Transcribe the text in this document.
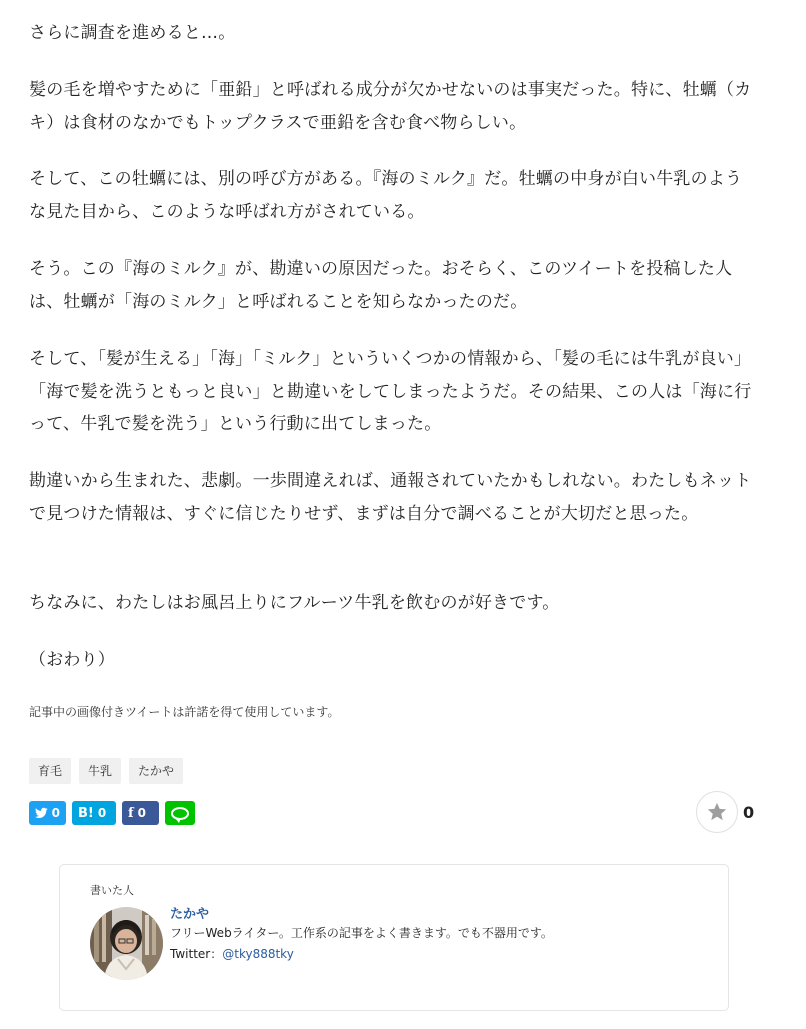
さらに調査を進めると…。

髪の毛を増やすために「亜鉛」と呼ばれる成分が欠かせないのは事実だった。特に、牡蠣（カキ）は食材のなかでもトップクラスで亜鉛を含む食べ物らしい。

そして、この牡蠣には、別の呼び方がある。『海のミルク』だ。牡蠣の中身が白い牛乳のような見た目から、このような呼ばれ方がされている。

そう。この『海のミルク』が、勘違いの原因だった。おそらく、このツイートを投稿した人は、牡蠣が「海のミルク」と呼ばれることを知らなかったのだ。

そして、「髪が生える」「海」「ミルク」といういくつかの情報から、「髪の毛には牛乳が良い」「海で髪を洗うともっと良い」と勘違いをしてしまったようだ。その結果、この人は「海に行って、牛乳で髪を洗う」という行動に出てしまった。

勘違いから生まれた、悲劇。一歩間違えれば、通報されていたかもしれない。わたしもネットで見つけた情報は、すぐに信じたりせず、まずは自分で調べることが大切だと思った。

ちなみに、わたしはお風呂上りにフルーツ牛乳を飲むのが好きです。

（おわり）

記事中の画像付きツイートは許諾を得て使用しています。

育毛	牛乳	たかや
0 B! 0 f 0	0
書いた人
たかや
フリーWebライター。工作系の記事をよく書きます。でも不器用です。
Twitter：@tky888tky
